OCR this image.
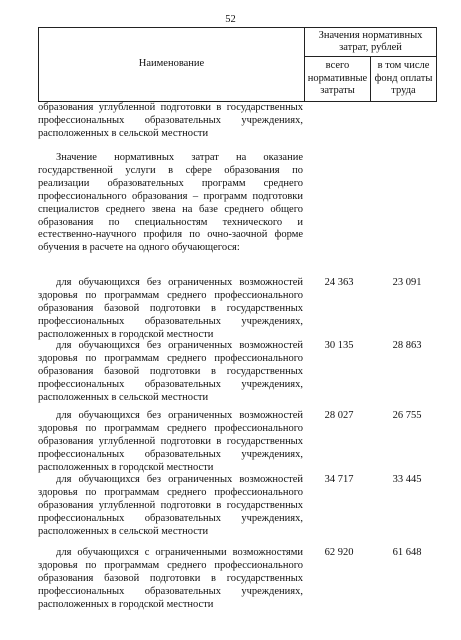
52
Наименование	Значения нормативных затрат, рублей	
	всего нормативные затраты	в том числе фонд оплаты труда
образования углубленной подготовки в государственных профессиональных образовательных учреждениях, расположенных в сельской местности
Значение нормативных затрат на оказание государственной услуги в сфере образования по реализации образовательных программ среднего профессионального образования – программ подготовки специалистов среднего звена на базе среднего общего образования по специальностям технического и естественно-научного профиля по очно-заочной форме обучения в расчете на одного обучающегося:
для обучающихся без ограниченных возможностей здоровья по программам среднего профессионального образования базовой подготовки в государственных профессиональных образовательных учреждениях, расположенных в городской местности
24 363	23 091
для обучающихся без ограниченных возможностей здоровья по программам среднего профессионального образования базовой подготовки в государственных профессиональных образовательных учреждениях, расположенных в сельской местности
30 135	28 863
для обучающихся без ограниченных возможностей здоровья по программам среднего профессионального образования углубленной подготовки в государственных профессиональных образовательных учреждениях, расположенных в городской местности
28 027	26 755
для обучающихся без ограниченных возможностей здоровья по программам среднего профессионального образования углубленной подготовки в государственных профессиональных образовательных учреждениях, расположенных в сельской местности
34 717	33 445
для обучающихся с ограниченными возможностями здоровья по программам среднего профессионального образования базовой подготовки в государственных профессиональных образовательных учреждениях, расположенных в городской местности
62 920	61 648
